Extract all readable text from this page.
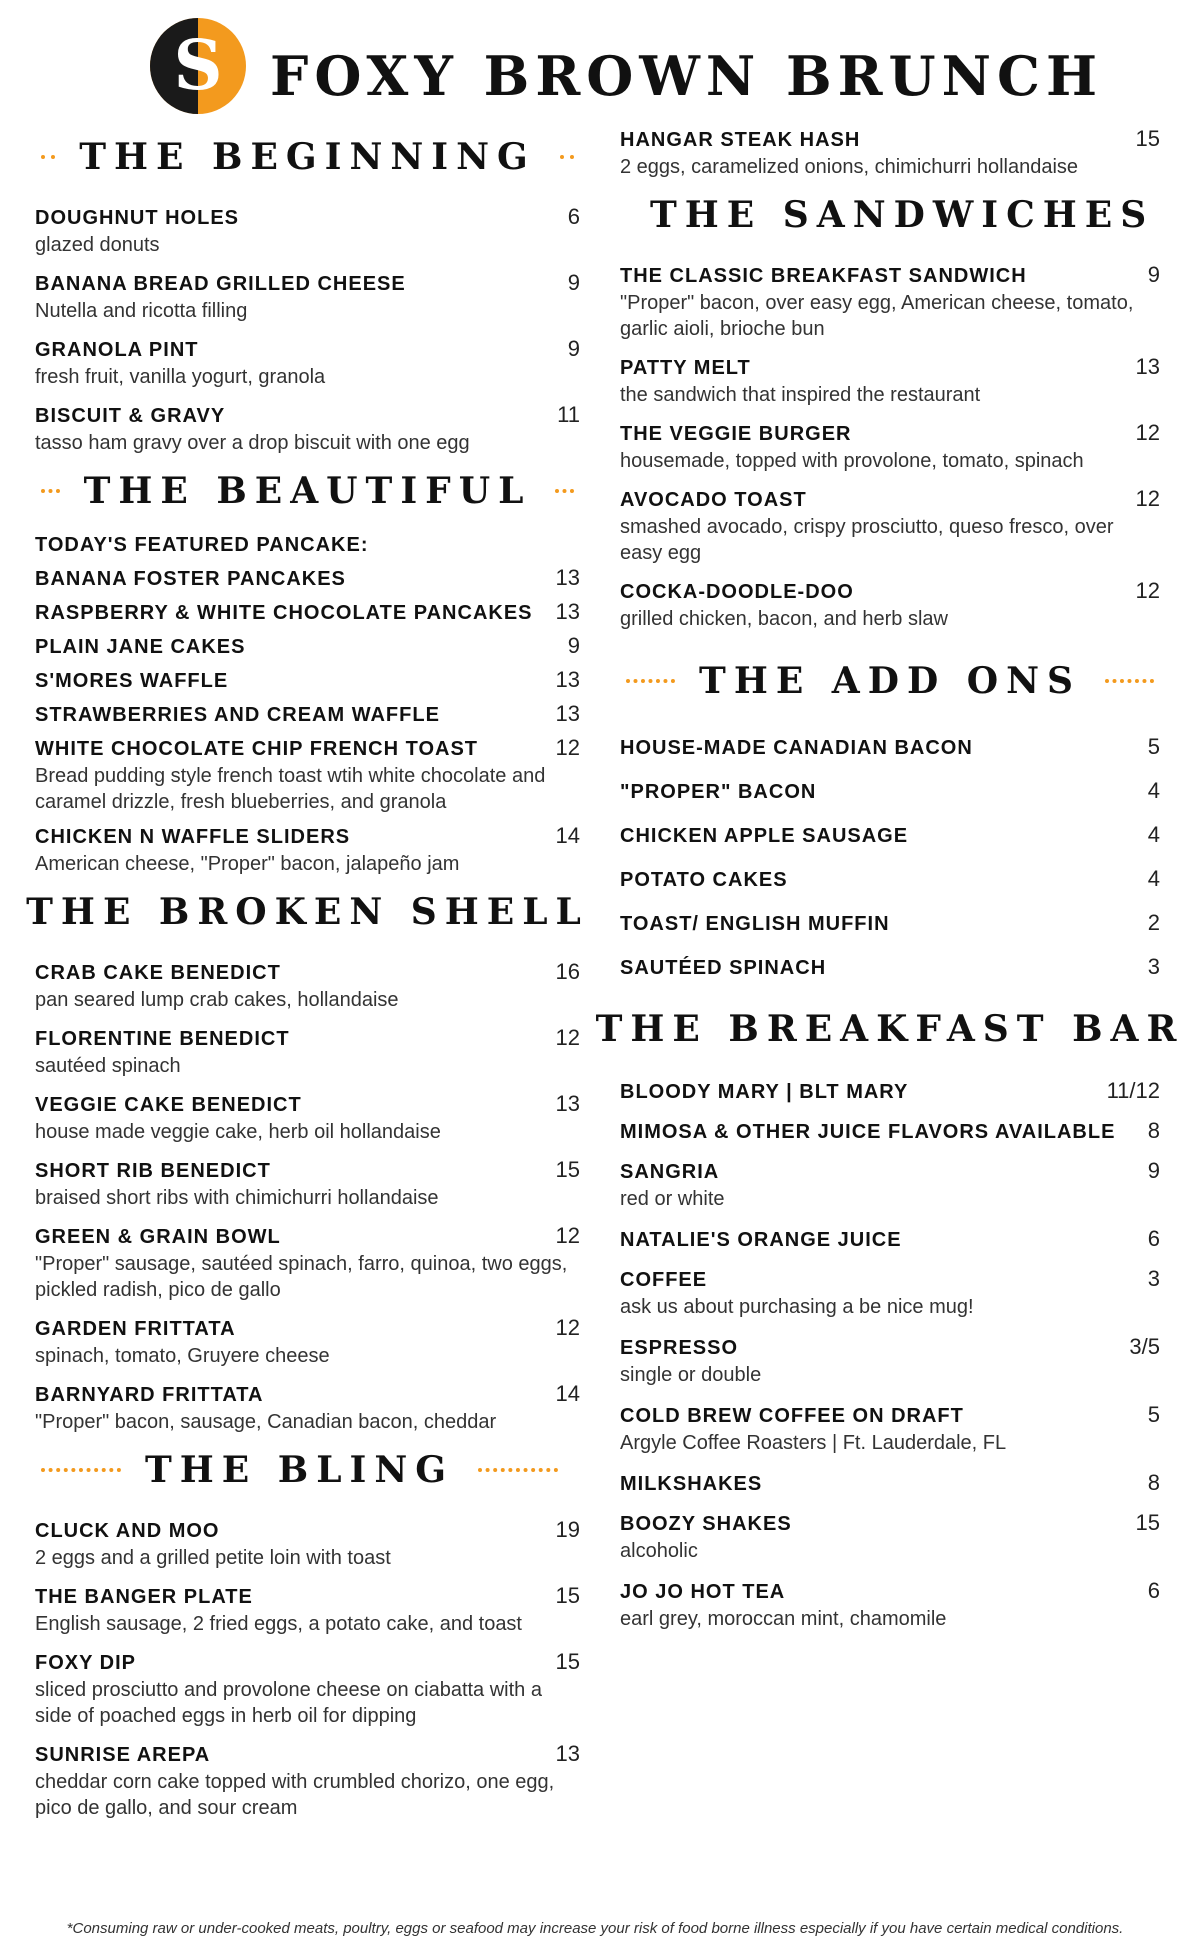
S FOXY BROWN BRUNCH
THE BEGINNING
DOUGHNUT HOLES	6
glazed donuts
BANANA BREAD GRILLED CHEESE	9
Nutella and ricotta filling
GRANOLA PINT	9
fresh fruit, vanilla yogurt, granola
BISCUIT & GRAVY	11
tasso ham gravy over a drop biscuit with one egg
THE BEAUTIFUL
TODAY'S FEATURED PANCAKE:
BANANA FOSTER PANCAKES	13
RASPBERRY & WHITE CHOCOLATE PANCAKES	13
PLAIN JANE CAKES	9
S'MORES WAFFLE	13
STRAWBERRIES AND CREAM WAFFLE	13
WHITE CHOCOLATE CHIP FRENCH TOAST	12
Bread pudding style french toast wtih white chocolate and caramel drizzle, fresh blueberries, and granola
CHICKEN N WAFFLE SLIDERS	14
American cheese, "Proper" bacon, jalapeño jam
THE BROKEN SHELL
CRAB CAKE BENEDICT	16
pan seared lump crab cakes, hollandaise
FLORENTINE BENEDICT	12
sautéed spinach
VEGGIE CAKE BENEDICT	13
house made veggie cake, herb oil hollandaise
SHORT RIB BENEDICT	15
braised short ribs with chimichurri hollandaise
GREEN & GRAIN BOWL	12
"Proper" sausage, sautéed spinach, farro, quinoa, two eggs, pickled radish, pico de gallo
GARDEN FRITTATA	12
spinach, tomato, Gruyere cheese
BARNYARD FRITTATA	14
"Proper" bacon, sausage, Canadian bacon, cheddar
THE BLING
CLUCK AND MOO	19
2 eggs and a grilled petite loin with toast
THE BANGER PLATE	15
English sausage, 2 fried eggs, a potato cake, and toast
FOXY DIP	15
sliced prosciutto and provolone cheese on ciabatta with a side of poached eggs in herb oil for dipping
SUNRISE AREPA	13
cheddar corn cake topped with crumbled chorizo, one egg, pico de gallo, and sour cream
HANGAR STEAK HASH	15
2 eggs, caramelized onions, chimichurri hollandaise
THE SANDWICHES
THE CLASSIC BREAKFAST SANDWICH	9
"Proper" bacon, over easy egg, American cheese, tomato, garlic aioli, brioche bun
PATTY MELT	13
the sandwich that inspired the restaurant
THE VEGGIE BURGER	12
housemade, topped with provolone, tomato, spinach
AVOCADO TOAST	12
smashed avocado, crispy prosciutto, queso fresco, over easy egg
COCKA-DOODLE-DOO	12
grilled chicken, bacon, and herb slaw
THE ADD ONS
HOUSE-MADE CANADIAN BACON	5
"PROPER" BACON	4
CHICKEN APPLE SAUSAGE	4
POTATO CAKES	4
TOAST/ ENGLISH MUFFIN	2
SAUTÉED SPINACH	3
THE BREAKFAST BAR
BLOODY MARY | BLT MARY	11/12
MIMOSA & OTHER JUICE FLAVORS AVAILABLE	8
SANGRIA	9
red or white
NATALIE'S ORANGE JUICE	6
COFFEE	3
ask us about purchasing a be nice mug!
ESPRESSO	3/5
single or double
COLD BREW COFFEE ON DRAFT	5
Argyle Coffee Roasters | Ft. Lauderdale, FL
MILKSHAKES	8
BOOZY SHAKES	15
alcoholic
JO JO HOT TEA	6
earl grey, moroccan mint, chamomile
*Consuming raw or under-cooked meats, poultry, eggs or seafood may increase your risk of food borne illness especially if you have certain medical conditions.
